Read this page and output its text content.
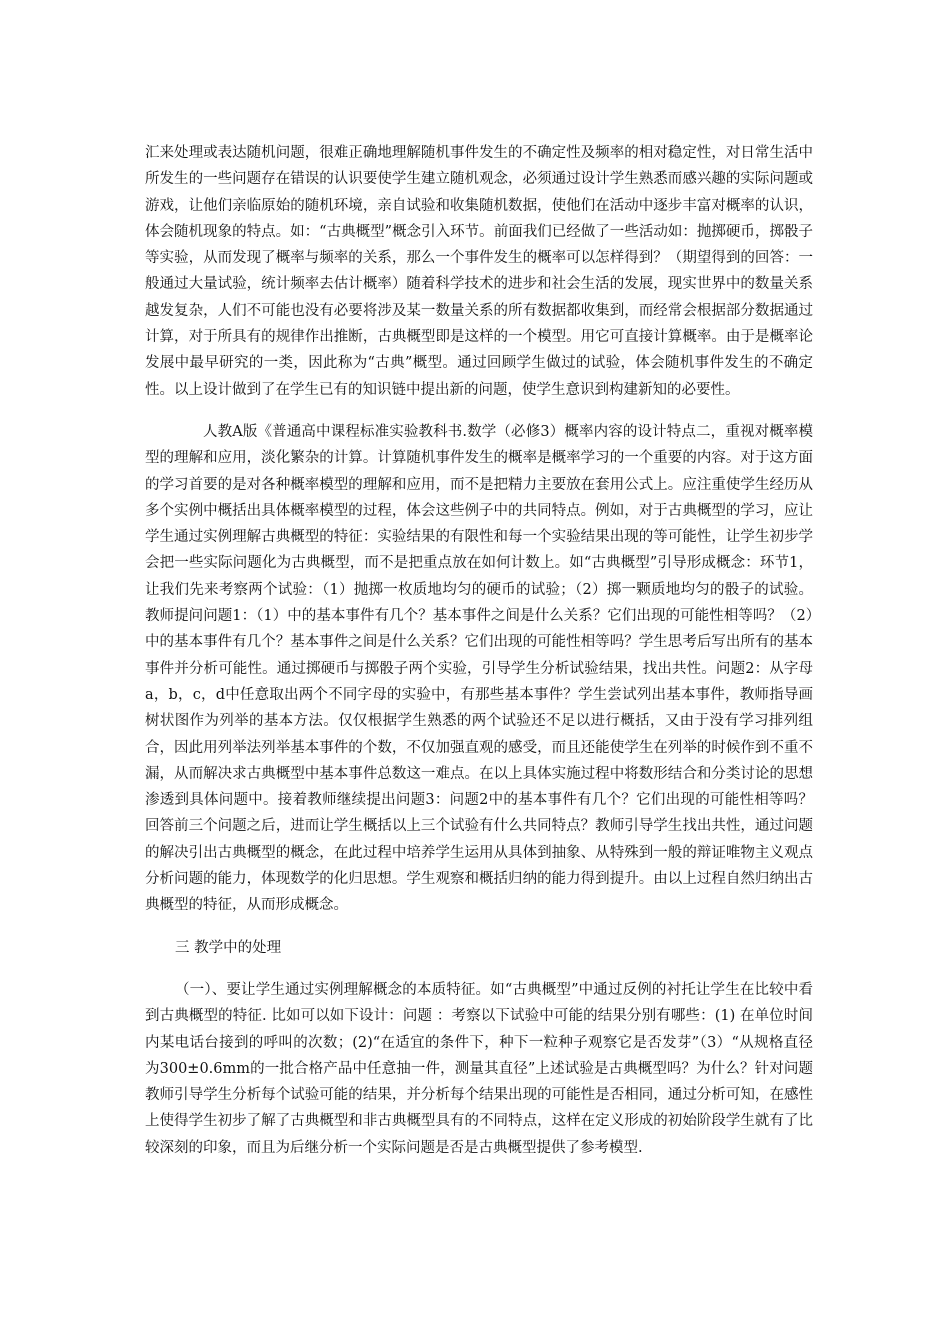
汇来处理或表达随机问题，很难正确地理解随机事件发生的不确定性及频率的相对稳定性，对日常生活中所发生的一些问题存在错误的认识要使学生建立随机观念，必须通过设计学生熟悉而感兴趣的实际问题或游戏，让他们亲临原始的随机环境，亲自试验和收集随机数据，使他们在活动中逐步丰富对概率的认识，体会随机现象的特点。如：“古典概型”概念引入环节。前面我们已经做了一些活动如：抛掷硬币，掷骰子等实验，从而发现了概率与频率的关系，那么一个事件发生的概率可以怎样得到？（期望得到的回答：一般通过大量试验，统计频率去估计概率）随着科学技术的进步和社会生活的发展，现实世界中的数量关系越发复杂，人们不可能也没有必要将涉及某一数量关系的所有数据都收集到，而经常会根据部分数据通过计算，对于所具有的规律作出推断，古典概型即是这样的一个模型。用它可直接计算概率。由于是概率论发展中最早研究的一类，因此称为“古典”概型。通过回顾学生做过的试验，体会随机事件发生的不确定性。以上设计做到了在学生已有的知识链中提出新的问题，使学生意识到构建新知的必要性。

人教A版《普通高中课程标准实验教科书.数学（必修3）概率内容的设计特点二，重视对概率模型的理解和应用，淡化繁杂的计算。计算随机事件发生的概率是概率学习的一个重要的内容。对于这方面的学习首要的是对各种概率模型的理解和应用，而不是把精力主要放在套用公式上。应注重使学生经历从多个实例中概括出具体概率模型的过程，体会这些例子中的共同特点。例如，对于古典概型的学习，应让学生通过实例理解古典概型的特征：实验结果的有限性和每一个实验结果出现的等可能性，让学生初步学会把一些实际问题化为古典概型，而不是把重点放在如何计数上。如“古典概型”引导形成概念：环节1，让我们先来考察两个试验：（1）抛掷一枚质地均匀的硬币的试验；（2）掷一颗质地均匀的骰子的试验。教师提问问题1：（1）中的基本事件有几个？基本事件之间是什么关系？它们出现的可能性相等吗？（2）中的基本事件有几个？基本事件之间是什么关系？它们出现的可能性相等吗？学生思考后写出所有的基本事件并分析可能性。通过掷硬币与掷骰子两个实验，引导学生分析试验结果，找出共性。问题2：从字母a，b，c，d中任意取出两个不同字母的实验中，有那些基本事件？学生尝试列出基本事件，教师指导画树状图作为列举的基本方法。仅仅根据学生熟悉的两个试验还不足以进行概括，又由于没有学习排列组合，因此用列举法列举基本事件的个数，不仅加强直观的感受，而且还能使学生在列举的时候作到不重不漏，从而解决求古典概型中基本事件总数这一难点。在以上具体实施过程中将数形结合和分类讨论的思想渗透到具体问题中。接着教师继续提出问题3：问题2中的基本事件有几个？它们出现的可能性相等吗？回答前三个问题之后，进而让学生概括以上三个试验有什么共同特点？教师引导学生找出共性，通过问题的解决引出古典概型的概念，在此过程中培养学生运用从具体到抽象、从特殊到一般的辩证唯物主义观点分析问题的能力，体现数学的化归思想。学生观察和概括归纳的能力得到提升。由以上过程自然归纳出古典概型的特征，从而形成概念。

三 教学中的处理

（一）、要让学生通过实例理解概念的本质特征。如“古典概型”中通过反例的衬托让学生在比较中看到古典概型的特征. 比如可以如下设计：问题 ：考察以下试验中可能的结果分别有哪些：(1) 在单位时间内某电话台接到的呼叫的次数；(2)“在适宜的条件下，种下一粒种子观察它是否发芽”（3）“从规格直径为300±0.6mm的一批合格产品中任意抽一件，测量其直径”上述试验是古典概型吗？为什么？针对问题教师引导学生分析每个试验可能的结果，并分析每个结果出现的可能性是否相同，通过分析可知，在感性上使得学生初步了解了古典概型和非古典概型具有的不同特点，这样在定义形成的初始阶段学生就有了比较深刻的印象，而且为后继分析一个实际问题是否是古典概型提供了参考模型.
